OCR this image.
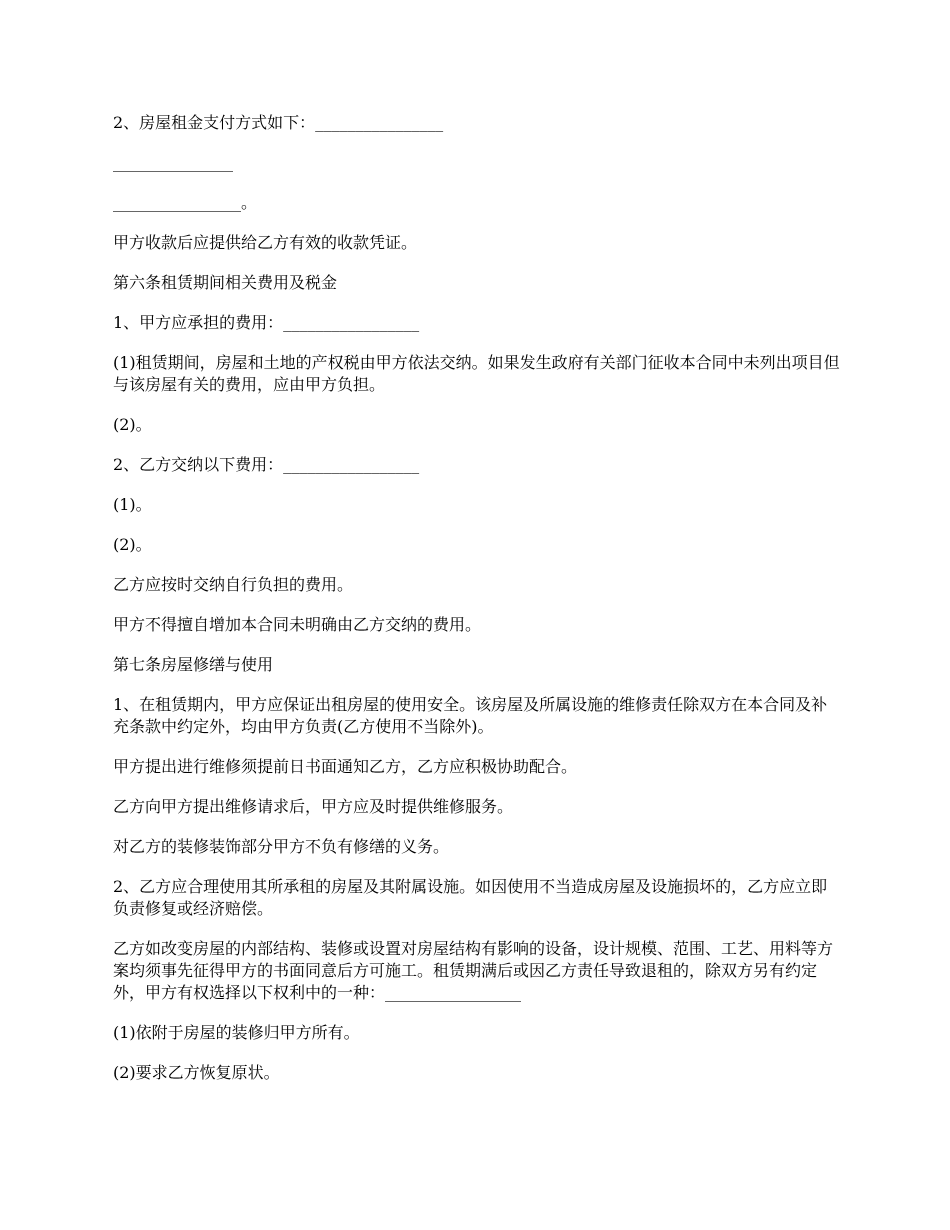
2、房屋租金支付方式如下：________________

_______________

________________。

甲方收款后应提供给乙方有效的收款凭证。

第六条租赁期间相关费用及税金

1、甲方应承担的费用：_________________

(1)租赁期间，房屋和土地的产权税由甲方依法交纳。如果发生政府有关部门征收本合同中未列出项目但与该房屋有关的费用，应由甲方负担。

(2)。

2、乙方交纳以下费用：_________________

(1)。

(2)。

乙方应按时交纳自行负担的费用。

甲方不得擅自增加本合同未明确由乙方交纳的费用。

第七条房屋修缮与使用

1、在租赁期内，甲方应保证出租房屋的使用安全。该房屋及所属设施的维修责任除双方在本合同及补充条款中约定外，均由甲方负责(乙方使用不当除外)。

甲方提出进行维修须提前日书面通知乙方，乙方应积极协助配合。

乙方向甲方提出维修请求后，甲方应及时提供维修服务。

对乙方的装修装饰部分甲方不负有修缮的义务。

2、乙方应合理使用其所承租的房屋及其附属设施。如因使用不当造成房屋及设施损坏的，乙方应立即负责修复或经济赔偿。

乙方如改变房屋的内部结构、装修或设置对房屋结构有影响的设备，设计规模、范围、工艺、用料等方案均须事先征得甲方的书面同意后方可施工。租赁期满后或因乙方责任导致退租的，除双方另有约定外，甲方有权选择以下权利中的一种：_________________

(1)依附于房屋的装修归甲方所有。

(2)要求乙方恢复原状。
